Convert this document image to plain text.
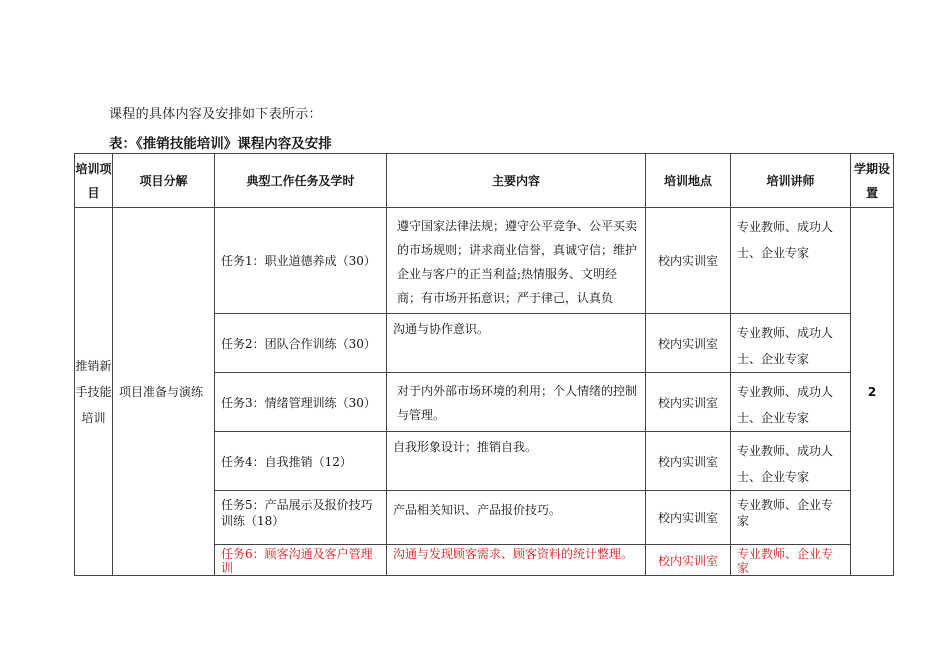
课程的具体内容及安排如下表所示：
表：《推销技能培训》课程内容及安排
培训项目	项目分解	典型工作任务及学时	主要内容	培训地点	培训讲师	学期设置
推销新手技能培训	项目准备与演练	任务1：职业道德养成（30）	遵守国家法律法规；遵守公平竞争、公平买卖的市场规则；讲求商业信誉，真诚守信；维护企业与客户的正当利益;热情服务、文明经商；有市场开拓意识；严于律己，认真负	校内实训室	专业教师、成功人士、企业专家	2
		任务2：团队合作训练（30）	沟通与协作意识。	校内实训室	专业教师、成功人士、企业专家	
		任务3：情绪管理训练（30）	对于内外部市场环境的利用；个人情绪的控制与管理。	校内实训室	专业教师、成功人士、企业专家	
		任务4：自我推销（12）	自我形象设计；推销自我。	校内实训室	专业教师、成功人士、企业专家	
		任务5：产品展示及报价技巧训练（18）	产品相关知识、产品报价技巧。	校内实训室	专业教师、企业专家	
		任务6：顾客沟通及客户管理训	沟通与发现顾客需求、顾客资料的统计整理。	校内实训室	专业教师、企业专家	
